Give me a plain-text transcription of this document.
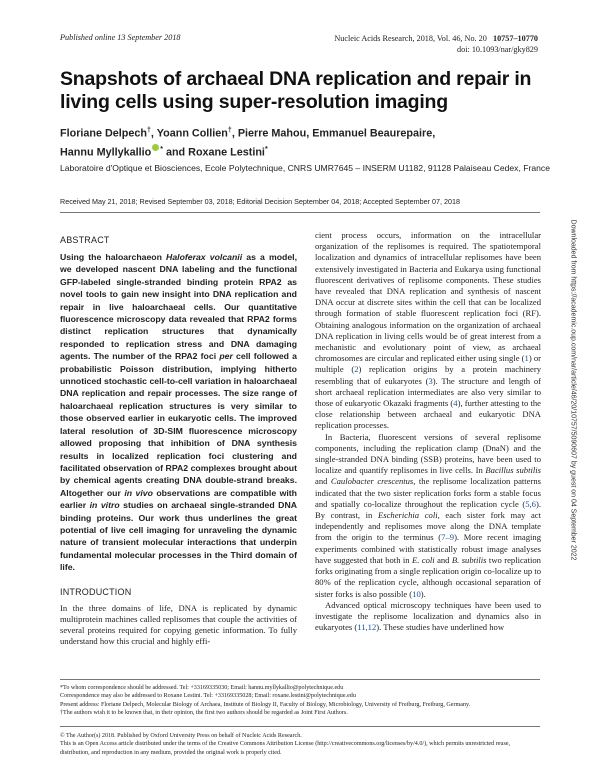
Published online 13 September 2018	Nucleic Acids Research, 2018, Vol. 46, No. 20 10757–10770
doi: 10.1093/nar/gky829
Snapshots of archaeal DNA replication and repair in living cells using super-resolution imaging
Floriane Delpech†, Yoann Collien†, Pierre Mahou, Emmanuel Beaurepaire,
Hannu Myllykallio * and Roxane Lestini*
Laboratoire d'Optique et Biosciences, Ecole Polytechnique, CNRS UMR7645 – INSERM U1182, 91128 Palaiseau Cedex, France
Received May 21, 2018; Revised September 03, 2018; Editorial Decision September 04, 2018; Accepted September 07, 2018
ABSTRACT

Using the haloarchaeon Haloferax volcanii as a model, we developed nascent DNA labeling and the functional GFP-labeled single-stranded binding protein RPA2 as novel tools to gain new insight into DNA replication and repair in live haloarchaeal cells. Our quantitative fluorescence microscopy data revealed that RPA2 forms distinct replication structures that dynamically responded to replication stress and DNA damaging agents. The number of the RPA2 foci per cell followed a probabilistic Poisson distribution, implying hitherto unnoticed stochastic cell-to-cell variation in haloarchaeal DNA replication and repair processes. The size range of haloarchaeal replication structures is very similar to those observed earlier in eukaryotic cells. The improved lateral resolution of 3D-SIM fluorescence microscopy allowed proposing that inhibition of DNA synthesis results in localized replication foci clustering and facilitated observation of RPA2 complexes brought about by chemical agents creating DNA double-strand breaks. Altogether our in vivo observations are compatible with earlier in vitro studies on archaeal single-stranded DNA binding proteins. Our work thus underlines the great potential of live cell imaging for unraveling the dynamic nature of transient molecular interactions that underpin fundamental molecular processes in the Third domain of life.

INTRODUCTION

In the three domains of life, DNA is replicated by dynamic multiprotein machines called replisomes that couple the activities of several proteins required for copying genetic information. To fully understand how this crucial and highly effi-

cient process occurs, information on the intracellular organization of the replisomes is required. The spatiotemporal localization and dynamics of intracellular replisomes have been extensively investigated in Bacteria and Eukarya using functional fluorescent derivatives of replisome components. These studies have revealed that DNA replication and synthesis of nascent DNA occur at discrete sites within the cell that can be localized through formation of stable fluorescent replication foci (RF). Obtaining analogous information on the organization of archaeal DNA replication in living cells would be of great interest from a mechanistic and evolutionary point of view, as archaeal chromosomes are circular and replicated either using single (1) or multiple (2) replication origins by a protein machinery resembling that of eukaryotes (3). The structure and length of short archaeal replication intermediates are also very similar to those of eukaryotic Okazaki fragments (4), further attesting to the close relationship between archaeal and eukaryotic DNA replication processes.

In Bacteria, fluorescent versions of several replisome components, including the replication clamp (DnaN) and the single-stranded DNA binding (SSB) proteins, have been used to localize and quantify replisomes in live cells. In Bacillus subtilis and Caulobacter crescentus, the replisome localization patterns indicated that the two sister replication forks form a stable focus and spatially co-localize throughout the replication cycle (5,6). By contrast, in Escherichia coli, each sister fork may act independently and replisomes move along the DNA template from the origin to the terminus (7–9). More recent imaging experiments combined with statistically robust image analyses have suggested that both in E. coli and B. subtilis two replication forks originating from a single replication origin co-localize up to 80% of the replication cycle, although occasional separation of sister forks is also possible (10).

Advanced optical microscopy techniques have been used to investigate the replisome localization and dynamics also in eukaryotes (11,12). These studies have underlined how

*To whom correspondence should be addressed. Tel: +33169335030; Email: hannu.myllykallio@polytechnique.edu
Correspondence may also be addressed to Roxane Lestini. Tel: +33169335028; Email: roxane.lestini@polytechnique.edu
Present address: Floriane Delpech, Molecular Biology of Archaea, Institute of Biology II, Faculty of Biology, Microbiology, University of Freiburg, Freiburg, Germany.
†The authors wish it to be known that, in their opinion, the first two authors should be regarded as Joint First Authors.
© The Author(s) 2018. Published by Oxford University Press on behalf of Nucleic Acids Research.
This is an Open Access article distributed under the terms of the Creative Commons Attribution License (http://creativecommons.org/licenses/by/4.0/), which permits unrestricted reuse, distribution, and reproduction in any medium, provided the original work is properly cited.
Downloaded from https://academic.oup.com/nar/article/46/20/10757/5090607 by guest on 04 September 2022
